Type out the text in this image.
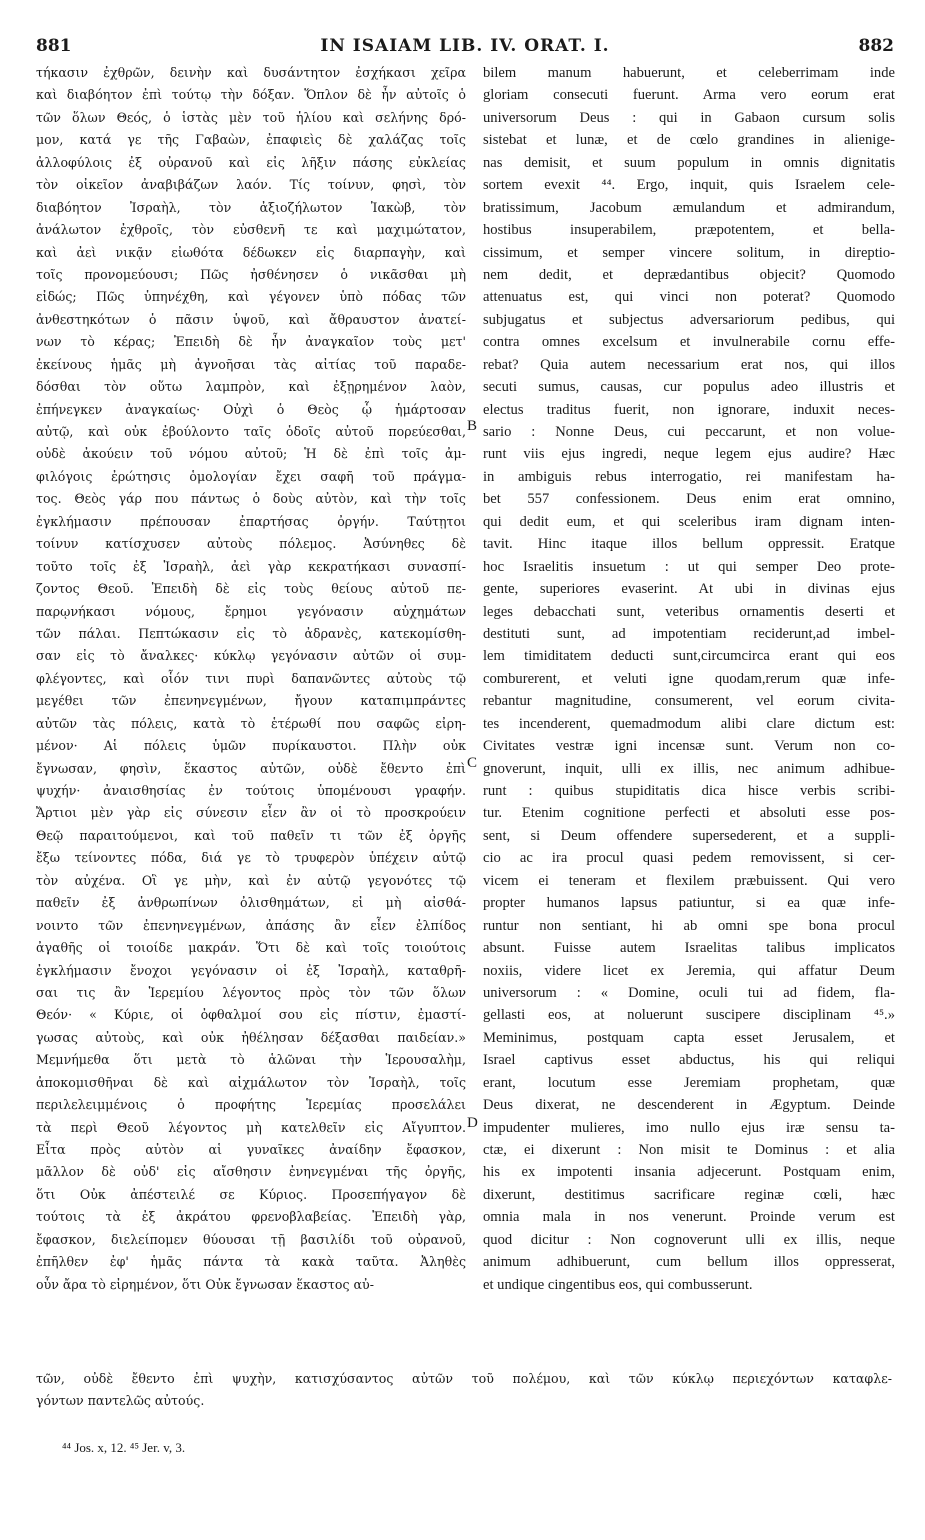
881	IN ISAIAM LIB. IV. ORAT. I.	882
τήκασιν ἐχθρῶν, δεινὴν καὶ δυσάντητον ἐσχήκασι χεῖρα
καὶ διαβόητον ἐπὶ τούτῳ τὴν δόξαν. Ὅπλον δὲ ἦν αὐτοῖς ὁ
τῶν ὅλων Θεός, ὁ ἱστὰς μὲν τοῦ ἡλίου καὶ σελήνης δρό-
μον, κατά γε τῆς Γαβαὼν, ἐπαφιεὶς δὲ χαλάζας τοῖς
ἀλλοφύλοις ἐξ οὐρανοῦ καὶ εἰς λῆξιν πάσης εὐκλείας
τὸν οἰκεῖον ἀναβιβάζων λαόν. Τίς τοίνυν, φησὶ, τὸν
διαβόητον Ἰσραὴλ, τὸν ἀξιοζήλωτον Ἰακὼβ, τὸν
ἀνάλωτον ἐχθροῖς, τὸν εὐσθενῆ τε καὶ μαχιμώτατον,
καὶ ἀεὶ νικᾷν εἰωθότα δέδωκεν εἰς διαρπαγὴν, καὶ
τοῖς προνομεύουσι; Πῶς ἠσθένησεν ὁ νικᾶσθαι μὴ
εἰδώς; Πῶς ὑπηνέχθη, καὶ γέγονεν ὑπὸ πόδας τῶν
ἀνθεστηκότων ὁ πᾶσιν ὑψοῦ, καὶ ἄθραυστον ἀνατεί-
νων τὸ κέρας; Ἐπειδὴ δὲ ἦν ἀναγκαῖον τοὺς μετ'
ἐκείνους ἡμᾶς μὴ ἀγνοῆσαι τὰς αἰτίας τοῦ παραδε-
δόσθαι τὸν οὕτω λαμπρὸν, καὶ ἐξῃρημένον λαὸν,
ἐπήνεγκεν ἀναγκαίως· Οὐχὶ ὁ Θεὸς ᾧ ἡμάρτοσαν
αὐτῷ, καὶ οὐκ ἐβούλοντο ταῖς ὁδοῖς αὐτοῦ πορεύεσθαι,
οὐδὲ ἀκούειν τοῦ νόμου αὐτοῦ; Ἡ δὲ ἐπὶ τοῖς ἀμ-
φιλόγοις ἐρώτησις ὁμολογίαν ἔχει σαφῆ τοῦ πράγμα-
τος. Θεὸς γάρ που πάντως ὁ δοὺς αὐτὸν, καὶ τὴν τοῖς
ἐγκλήμασιν πρέπουσαν ἐπαρτήσας ὀργήν. Ταύτῃτοι
τοίνυν κατίσχυσεν αὐτοὺς πόλεμος. Ἀσύνηθες δὲ
τοῦτο τοῖς ἐξ Ἰσραὴλ, ἀεὶ γὰρ κεκρατήκασι συνασπί-
ζοντος Θεοῦ. Ἐπειδὴ δὲ εἰς τοὺς θείους αὐτοῦ πε-
παρῳνήκασι νόμους, ἔρημοι γεγόνασιν αὐχημάτων
τῶν πάλαι. Πεπτώκασιν εἰς τὸ ἀδρανὲς, κατεκομίσθη-
σαν εἰς τὸ ἄναλκες· κύκλῳ γεγόνασιν αὐτῶν οἱ συμ-
φλέγοντες, καὶ οἷόν τινι πυρὶ δαπανῶντες αὐτοὺς τῷ
μεγέθει τῶν ἐπενηνεγμένων, ἤγουν καταπιμπράντες
αὐτῶν τὰς πόλεις, κατὰ τὸ ἑτέρωθί που σαφῶς εἰρη-
μένον· Αἱ πόλεις ὑμῶν πυρίκαυστοι. Πλὴν οὐκ
ἔγνωσαν, φησὶν, ἕκαστος αὐτῶν, οὐδὲ ἔθεντο ἐπὶ
ψυχήν· ἀναισθησίας ἐν τούτοις ὑπομένουσι γραφήν.
Ἄρτιοι μὲν γὰρ εἰς σύνεσιν εἶεν ἂν οἱ τὸ προσκρούειν
Θεῷ παραιτούμενοι, καὶ τοῦ παθεῖν τι τῶν ἐξ ὀργῆς
ἔξω τείνοντες πόδα, διά γε τὸ τρυφερὸν ὑπέχειν αὐτῷ
τὸν αὐχένα. Οἳ γε μὴν, καὶ ἐν αὐτῷ γεγονότες τῷ
παθεῖν ἐξ ἀνθρωπίνων ὀλισθημάτων, εἰ μὴ αἰσθά-
νοιντο τῶν ἐπενηνεγμένων, ἀπάσης ἂν εἶεν ἐλπίδος
ἀγαθῆς οἱ τοιοίδε μακράν. Ὅτι δὲ καὶ τοῖς τοιούτοις
ἐγκλήμασιν ἔνοχοι γεγόνασιν οἱ ἐξ Ἰσραὴλ, καταθρῆ-
σαι τις ἂν Ἱερεμίου λέγοντος πρὸς τὸν τῶν ὅλων
Θεόν· « Κύριε, οἱ ὀφθαλμοί σου εἰς πίστιν, ἐμαστί-
γωσας αὐτοὺς, καὶ οὐκ ἠθέλησαν δέξασθαι παιδείαν.»
Μεμνήμεθα ὅτι μετὰ τὸ ἁλῶναι τὴν Ἱερουσαλὴμ,
ἀποκομισθῆναι δὲ καὶ αἰχμάλωτον τὸν Ἰσραὴλ, τοῖς
περιλελειμμένοις ὁ προφήτης Ἱερεμίας προσελάλει
τὰ περὶ Θεοῦ λέγοντος μὴ κατελθεῖν εἰς Αἴγυπτον.
Εἶτα πρὸς αὐτὸν αἱ γυναῖκες ἀναίδην ἔφασκον,
μᾶλλον δὲ οὐδ' εἰς αἴσθησιν ἐνηνεγμέναι τῆς ὀργῆς,
ὅτι Οὐκ ἀπέστειλέ σε Κύριος. Προσεπήγαγον δὲ
τούτοις τὰ ἐξ ἀκράτου φρενοβλαβείας. Ἐπειδὴ γὰρ,
ἔφασκον, διελείπομεν θύουσαι τῇ βασιλίδι τοῦ οὐρανοῦ,
ἐπῆλθεν ἐφ' ἡμᾶς πάντα τὰ κακὰ ταῦτα. Ἀληθὲς
οὖν ἄρα τὸ εἰρημένον, ὅτι Οὐκ ἔγνωσαν ἕκαστος αὐ-
bilem manum habuerunt, et celeberrimam inde
gloriam consecuti fuerunt. Arma vero eorum erat
universorum Deus : qui in Gabaon cursum solis
sistebat et lunæ, et de cœlo grandines in alienige-
nas demisit, et suum populum in omnis dignitatis
sortem evexit ⁴⁴. Ergo, inquit, quis Israelem cele-
bratissimum, Jacobum æmulandum et admirandum,
hostibus insuperabilem, præpotentem, et bella-
cissimum, et semper vincere solitum, in direptio-
nem dedit, et deprædantibus objecit? Quomodo
attenuatus est, qui vinci non poterat? Quomodo
subjugatus et subjectus adversariorum pedibus, qui
contra omnes excelsum et invulnerabile cornu effe-
rebat? Quia autem necessarium erat nos, qui illos
secuti sumus, causas, cur populus adeo illustris et
electus traditus fuerit, non ignorare, induxit neces-
sario : Nonne Deus, cui peccarunt, et non volue-
runt viis ejus ingredi, neque legem ejus audire? Hæc
in ambiguis rebus interrogatio, rei manifestam ha-
bet 557 confessionem. Deus enim erat omnino,
qui dedit eum, et qui sceleribus iram dignam inten-
tavit. Hinc itaque illos bellum oppressit. Eratque
hoc Israelitis insuetum : ut qui semper Deo prote-
gente, superiores evaserint. At ubi in divinas ejus
leges debacchati sunt, veteribus ornamentis deserti et
destituti sunt, ad impotentiam reciderunt,ad imbel-
lem timiditatem deducti sunt,circumcirca erant qui eos
comburerent, et veluti igne quodam,rerum quæ infe-
rebantur magnitudine, consumerent, vel eorum civita-
tes incenderent, quemadmodum alibi clare dictum est:
Civitates vestræ igni incensæ sunt. Verum non co-
gnoverunt, inquit, ulli ex illis, nec animum adhibue-
runt : quibus stupiditatis dica hisce verbis scribi-
tur. Etenim cognitione perfecti et absoluti esse pos-
sent, si Deum offendere supersederent, et a suppli-
cio ac ira procul quasi pedem removissent, si cer-
vicem ei teneram et flexilem præbuissent. Qui vero
propter humanos lapsus patiuntur, si ea quæ infe-
runtur non sentiant, hi ab omni spe bona procul
absunt. Fuisse autem Israelitas talibus implicatos
noxiis, videre licet ex Jeremia, qui affatur Deum
universorum : « Domine, oculi tui ad fidem, fla-
gellasti eos, at noluerunt suscipere disciplinam ⁴⁵.»
Meminimus, postquam capta esset Jerusalem, et
Israel captivus esset abductus, his qui reliqui
erant, locutum esse Jeremiam prophetam, quæ
Deus dixerat, ne descenderent in Ægyptum. Deinde
impudenter mulieres, imo nullo ejus iræ sensu ta-
ctæ, ei dixerunt : Non misit te Dominus : et alia
his ex impotenti insania adjecerunt. Postquam enim,
dixerunt, destitimus sacrificare reginæ cœli, hæc
omnia mala in nos venerunt. Proinde verum est
quod dicitur : Non cognoverunt ulli ex illis, neque
animum adhibuerunt, cum bellum illos oppresserat,
et undique cingentibus eos, qui combusserunt.
B
C
D
τῶν, οὐδὲ ἔθεντο ἐπὶ ψυχὴν, κατισχύσαντος αὐτῶν τοῦ πολέμου, καὶ τῶν κύκλῳ περιεχόντων καταφλε-
γόντων παντελῶς αὐτούς.
⁴⁴ Jos. x, 12. ⁴⁵ Jer. v, 3.
